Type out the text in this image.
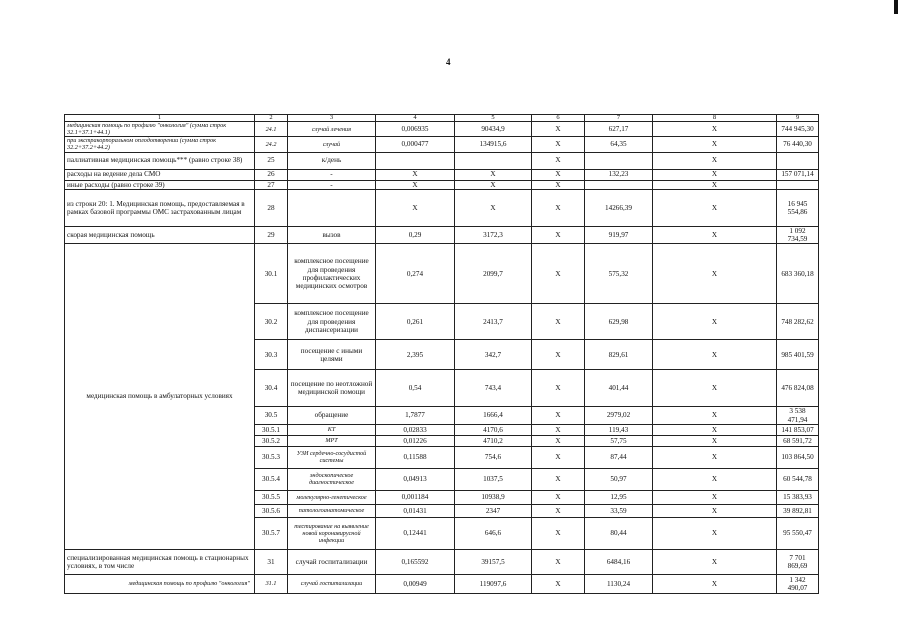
4
1	2	3	4	5	6	7	8	9	
медицинская помощь по профилю "онкология" (сумма строк 32.1+37.1+44.1)	24.1	случай лечения	0,006935	90434,9	X	627,17	X	744 945,30	
при экстракорпоральном оплодотворении (сумма строк 32.2+37.2+44.2)	24.2	случай	0,000477	134915,6	X	64,35	X	76 440,30	
паллиативная медицинская помощь*** (равно строке 38)	25	к/день			X		X		
расходы на ведение дела СМО	26	-	X	X	X	132,23	X	157 071,14	
иные расходы (равно строке 39)	27	-	X	X	X		X		
из строки 20: 1. Медицинская помощь, предоставляемая в рамках базовой программы ОМС застрахованным лицам	28		X	X	X	14266,39	X	16 945 554,86	
скорая медицинская помощь	29	вызов	0,29	3172,3	X	919,97	X	1 092 734,59	
медицинская помощь в амбулаторных условиях	30.1	комплексное посещение для проведения профилактических медицинских осмотров	0,274	2099,7	X	575,32	X	683 360,18	
	30.2	комплексное посещение для проведения диспансеризации	0,261	2413,7	X	629,98	X	748 282,62	
	30.3	посещение с иными целями	2,395	342,7	X	829,61	X	985 401,59	
	30.4	посещение по неотложной медицинской помощи	0,54	743,4	X	401,44	X	476 824,08	
	30.5	обращение	1,7877	1666,4	X	2979,02	X	3 538 471,94	
	30.5.1	КТ	0,02833	4170,6	X	119,43	X	141 853,07	
	30.5.2	МРТ	0,01226	4710,2	X	57,75	X	68 591,72	
	30.5.3	УЗИ сердечно-сосудистой системы	0,11588	754,6	X	87,44	X	103 864,50	
	30.5.4	эндоскопическое диагностическое	0,04913	1037,5	X	50,97	X	60 544,78	
	30.5.5	молекулярно-генетическое	0,001184	10938,9	X	12,95	X	15 383,93	
	30.5.6	патологоанатомическое	0,01431	2347	X	33,59	X	39 892,81	
	30.5.7	тестирование на выявление новой коронавирусной инфекции	0,12441	646,6	X	80,44	X	95 550,47	
специализированная медицинская помощь в стационарных условиях, в том числе	31	случай госпитализации	0,165592	39157,5	X	6484,16	X	7 701 869,69	
медицинская помощь по профилю "онкология"	31.1	случай госпитализации	0,00949	119097,6	X	1130,24	X	1 342 490,07	
